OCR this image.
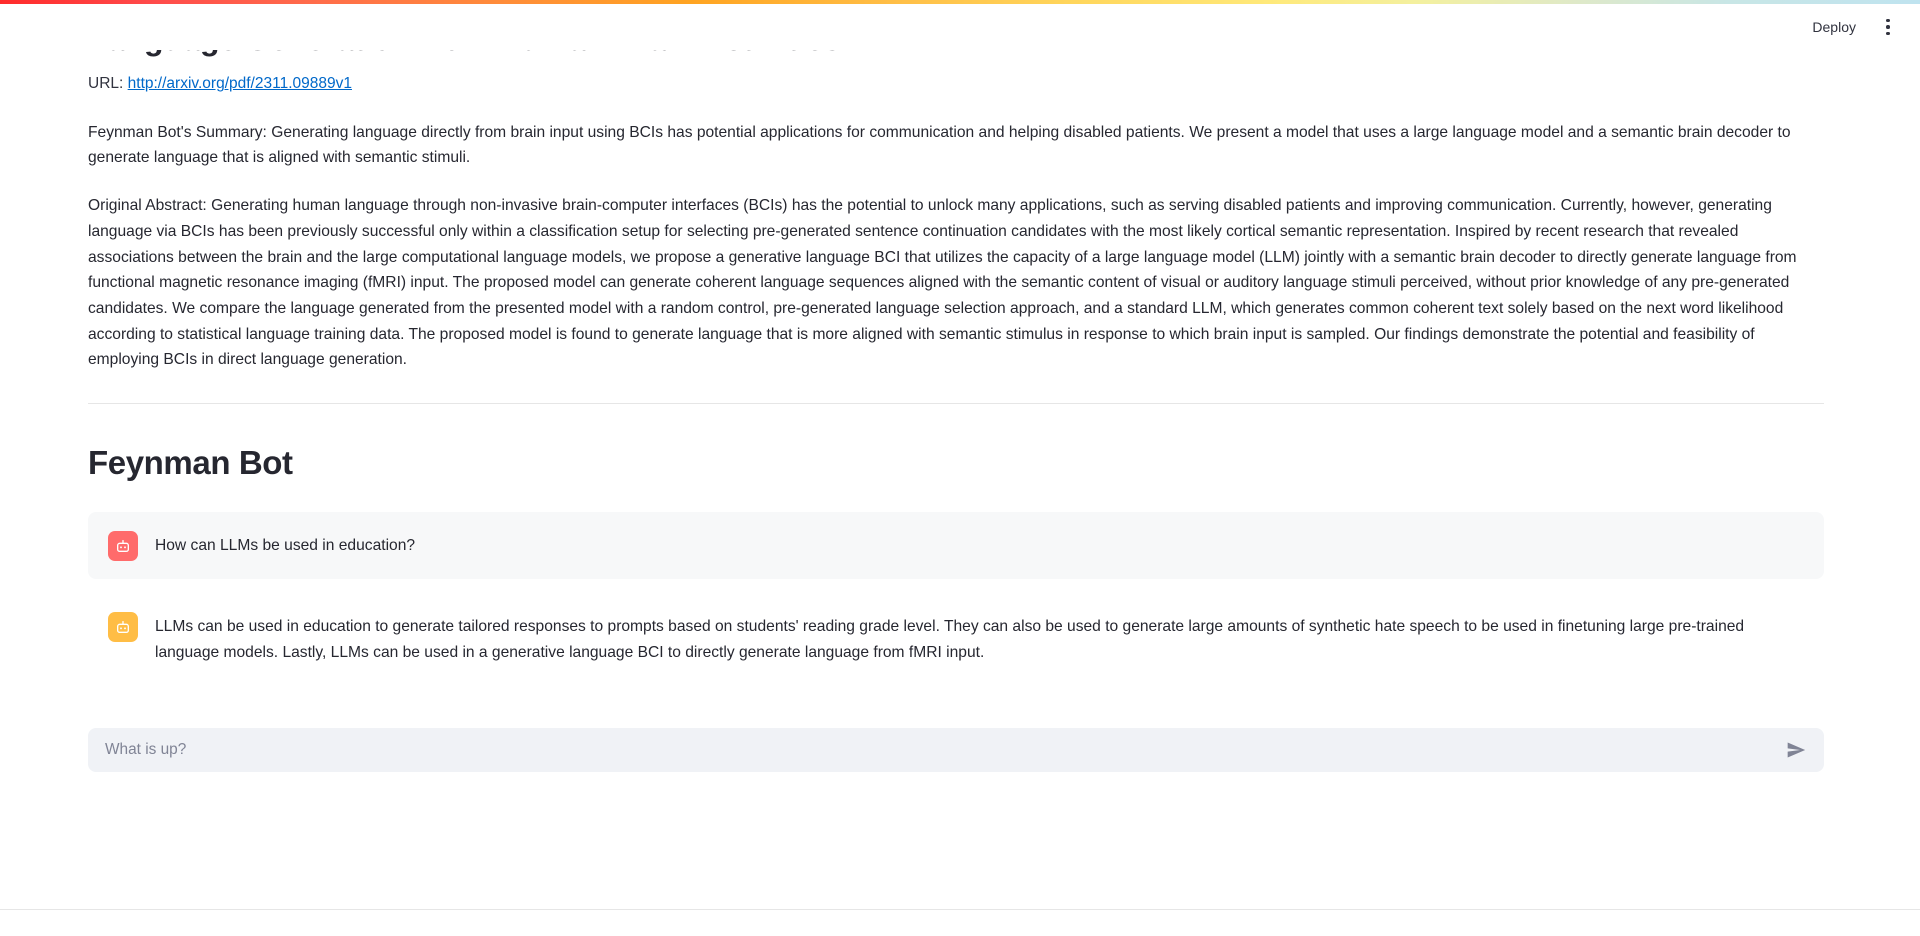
Deploy

URL: http://arxiv.org/pdf/2311.09889v1

Feynman Bot's Summary: Generating language directly from brain input using BCIs has potential applications for communication and helping disabled patients. We present a model that uses a large language model and a semantic brain decoder to generate language that is aligned with semantic stimuli.

Original Abstract: Generating human language through non-invasive brain-computer interfaces (BCIs) has the potential to unlock many applications, such as serving disabled patients and improving communication. Currently, however, generating language via BCIs has been previously successful only within a classification setup for selecting pre-generated sentence continuation candidates with the most likely cortical semantic representation. Inspired by recent research that revealed associations between the brain and the large computational language models, we propose a generative language BCI that utilizes the capacity of a large language model (LLM) jointly with a semantic brain decoder to directly generate language from functional magnetic resonance imaging (fMRI) input. The proposed model can generate coherent language sequences aligned with the semantic content of visual or auditory language stimuli perceived, without prior knowledge of any pre-generated candidates. We compare the language generated from the presented model with a random control, pre-generated language selection approach, and a standard LLM, which generates common coherent text solely based on the next word likelihood according to statistical language training data. The proposed model is found to generate language that is more aligned with semantic stimulus in response to which brain input is sampled. Our findings demonstrate the potential and feasibility of employing BCIs in direct language generation.

Feynman Bot
How can LLMs be used in education?
LLMs can be used in education to generate tailored responses to prompts based on students' reading grade level. They can also be used to generate large amounts of synthetic hate speech to be used in finetuning large pre-trained language models. Lastly, LLMs can be used in a generative language BCI to directly generate language from fMRI input.
What is up?
